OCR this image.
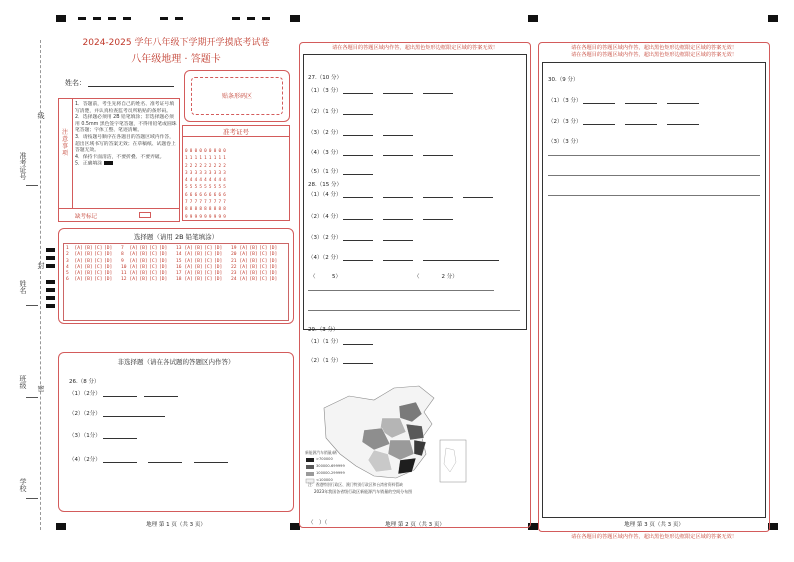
准考证号
姓名
班级
学校
线
封
密
2024-2025 学年八年级下学期开学摸底考试卷
八年级地理 · 答题卡
姓名：
贴条形码区
注意事项
1．答题前，考生先将自己的姓名、准考证号填写清楚，并认真检查监考员所粘贴的条形码。
2．选择题必须用 2B 铅笔填涂；非选择题必须用 0.5mm 黑色签字笔答题，不得用铅笔或圆珠笔答题；字体工整、笔迹清晰。
3．请按题号顺序在各题目的答题区域内作答，超出区域书写的答案无效；在草稿纸、试题卷上答题无效。
4．保持卡面清洁，不要折叠、不要弄破。
5．正确填涂
缺考标记
准考证号
0 0 0 0 0 0 0 0 0
1 1 1 1 1 1 1 1 1
2 2 2 2 2 2 2 2 2
3 3 3 3 3 3 3 3 3
4 4 4 4 4 4 4 4 4
5 5 5 5 5 5 5 5 5
6 6 6 6 6 6 6 6 6
7 7 7 7 7 7 7 7 7
8 8 8 8 8 8 8 8 8
9 9 9 9 9 9 9 9 9
选择题（请用 2B 铅笔填涂）
1 [A] [B] [C] [D] 7 [A] [B] [C] [D] 13 [A] [B] [C] [D] 19 [A] [B] [C] [D]
2 [A] [B] [C] [D] 8 [A] [B] [C] [D] 14 [A] [B] [C] [D] 20 [A] [B] [C] [D]
3 [A] [B] [C] [D] 9 [A] [B] [C] [D] 15 [A] [B] [C] [D] 21 [A] [B] [C] [D]
4 [A] [B] [C] [D] 10 [A] [B] [C] [D] 16 [A] [B] [C] [D] 22 [A] [B] [C] [D]
5 [A] [B] [C] [D] 11 [A] [B] [C] [D] 17 [A] [B] [C] [D] 23 [A] [B] [C] [D]
6 [A] [B] [C] [D] 12 [A] [B] [C] [D] 18 [A] [B] [C] [D] 24 [A] [B] [C] [D]
非选择题（请在各试题的答题区内作答）
26.（8 分）
（1）（2分）
（2）（2分）
（3）（1分）
（4）（2分）
地理 第 1 页（共 3 页）
请在各题目的答题区域内作答，超出黑色矩形边框限定区域的答案无效！
27.（10 分）
（1）（3 分）
（2）（1 分）
（3）（2 分）
（4）（3 分）
（5）（1 分）
28.（15 分）
（1）（4 分）
（2）（4 分）
（3）（2 分）
（4）（2 分）
（　　　5）	（　　　　2 分）
29.（3 分）
（1）（1 分）
（2）（1 分）
新能源汽车销量/辆
>700000
300000-699999
100000-299999
<100000
注：香港特别行政区、澳门特别行政区和台湾省资料暂缺
2023年我国各省级行政区新能源汽车销量的空间分布图
（　）（	地理 第 2 页（共 3 页）
请在各题目的答题区域内作答，超出黑色矩形边框限定区域的答案无效！
请在各题目的答题区域内作答，超出黑色矩形边框限定区域的答案无效！
30.（9 分）
（1）（3 分）
（2）（3 分）
（3）（3 分）
地理 第 3 页（共 3 页）
请在各题目的答题区域内作答，超出黑色矩形边框限定区域的答案无效！
